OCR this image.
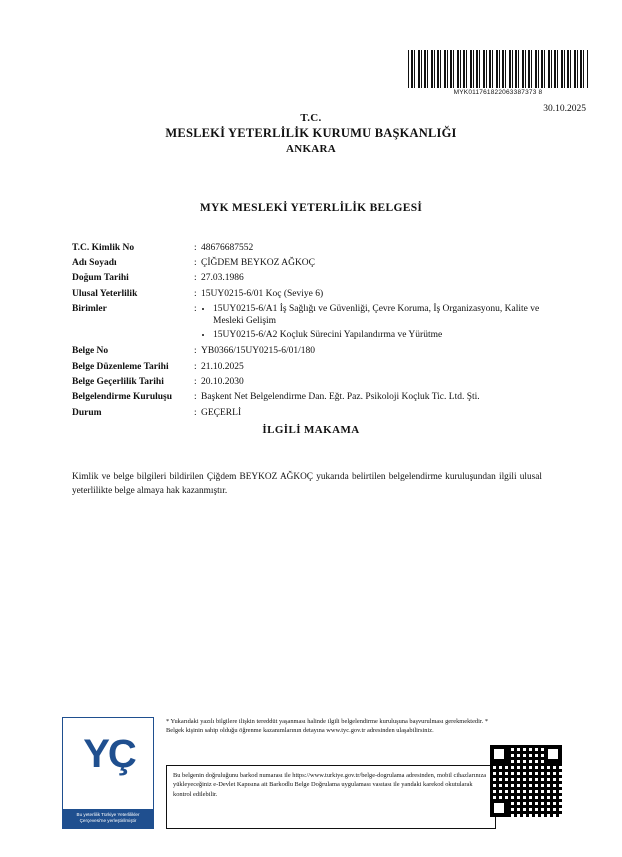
MYK011761822063387373 8
30.10.2025
T.C.
MESLEKİ YETERLİLİK KURUMU BAŞKANLIĞI
ANKARA
MYK MESLEKİ YETERLİLİK BELGESİ
T.C. Kimlik No	:	48676687552
Adı Soyadı	:	ÇİĞDEM BEYKOZ AĞKOÇ
Doğum Tarihi	:	27.03.1986
Ulusal Yeterlilik	:	15UY0215-6/01 Koç (Seviye 6)
Birimler	:	
•15UY0215-6/A1 İş Sağlığı ve Güvenliği, Çevre Koruma, İş Organizasyonu, Kalite ve Mesleki Gelişim
• 15UY0215-6/A2 Koçluk Sürecini Yapılandırma ve Yürütme

Belge No	:	YB0366/15UY0215-6/01/180
Belge Düzenleme Tarihi	:	21.10.2025
Belge Geçerlilik Tarihi	:	20.10.2030
Belgelendirme Kuruluşu	:	Başkent Net Belgelendirme Dan. Eğt. Paz. Psikoloji Koçluk Tic. Ltd. Şti.
Durum	:	GEÇERLİ
İLGİLİ MAKAMA
Kimlik ve belge bilgileri bildirilen Çiğdem BEYKOZ AĞKOÇ yukarıda belirtilen belgelendirme kuruluşundan ilgili ulusal yeterlilikte belge almaya hak kazanmıştır.
YÇ
Bu yeterlilik Türkiye Yeterlilikler Çerçevesi'ne yerleştirilmiştir
* Yukarıdaki yazılı bilgilere ilişkin tereddüt yaşanması halinde ilgili belgelendirme kuruluşuna başvurulması gerekmektedir. * Belgek kişinin sahip olduğu öğrenme kazanımlarının detayına www.tyc.gov.tr adresinden ulaşabilirsiniz.
Bu belgenin doğruluğunu barkod numarası ile https://www.turkiye.gov.tr/belge-dogrulama adresinden, mobil cihazlarınıza yükleyeceğiniz e-Devlet Kapısına ait Barkodlu Belge Doğrulama uygulaması vasıtası ile yandaki karekod okutularak kontrol edilebilir.
